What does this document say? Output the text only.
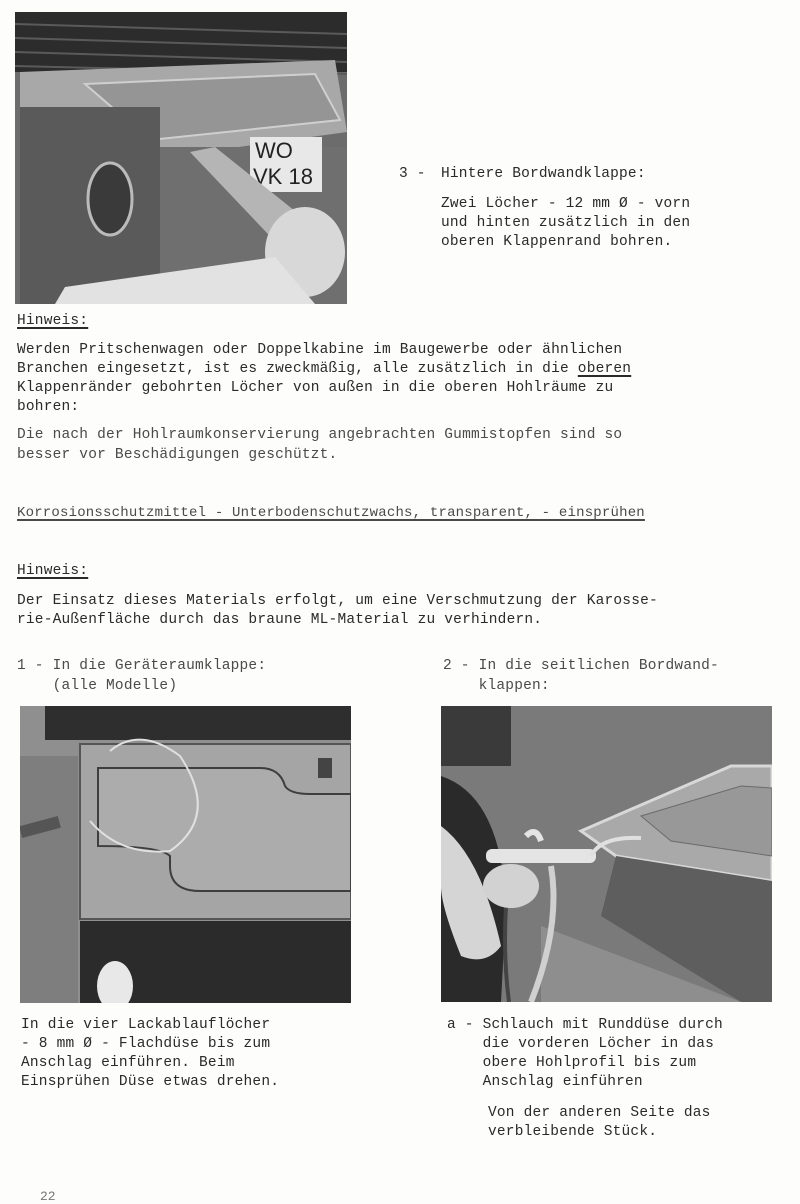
WO
VK 18	3 - Hintere Bordwandklappe:
Zwei Löcher - 12 mm Ø - vorn
und hinten zusätzlich in den
oberen Klappenrand bohren.
Hinweis:
Werden Pritschenwagen oder Doppelkabine im Baugewerbe oder ähnlichen
Branchen eingesetzt, ist es zweckmäßig, alle zusätzlich in die oberen
Klappenränder gebohrten Löcher von außen in die oberen Hohlräume zu
bohren:
Die nach der Hohlraumkonservierung angebrachten Gummistopfen sind so
besser vor Beschädigungen geschützt.
Korrosionsschutzmittel - Unterbodenschutzwachs, transparent, - einsprühen
Hinweis:
Der Einsatz dieses Materials erfolgt, um eine Verschmutzung der Karosse-
rie-Außenfläche durch das braune ML-Material zu verhindern.
1 - In die Geräteraumklappe:
(alle Modelle)
2 - In die seitlichen Bordwand-
klappen:
In die vier Lackablauflöcher
- 8 mm Ø - Flachdüse bis zum
Anschlag einführen. Beim
Einsprühen Düse etwas drehen.
a - Schlauch mit Runddüse durch
die vorderen Löcher in das
obere Hohlprofil bis zum
Anschlag einführen
Von der anderen Seite das
verbleibende Stück.
22
